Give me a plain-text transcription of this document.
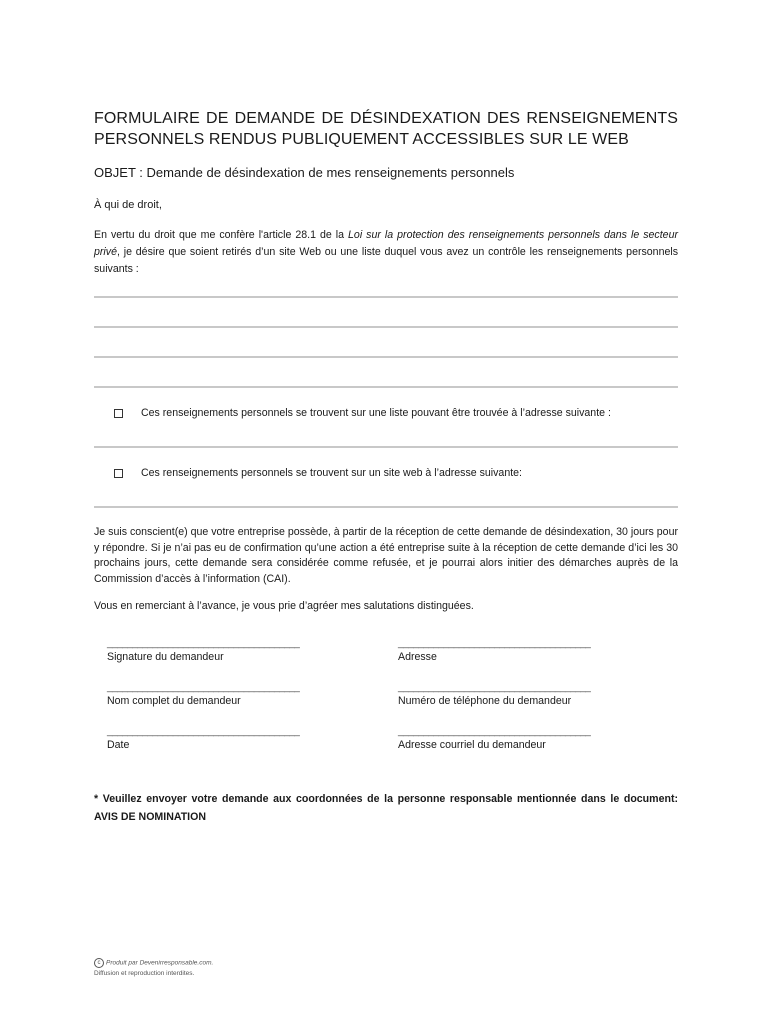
FORMULAIRE DE DEMANDE DE DÉSINDEXATION DES RENSEIGNEMENTS
PERSONNELS RENDUS PUBLIQUEMENT ACCESSIBLES SUR LE WEB
OBJET : Demande de désindexation de mes renseignements personnels
À qui de droit,
En vertu du droit que me confère l'article 28.1 de la Loi sur la protection des renseignements personnels dans le secteur privé, je désire que soient retirés d’un site Web ou une liste duquel vous avez un contrôle les renseignements personnels suivants :
Ces renseignements personnels se trouvent sur une liste pouvant être trouvée à l’adresse suivante :
Ces renseignements personnels se trouvent sur un site web à l’adresse suivante:
Je suis conscient(e) que votre entreprise possède, à partir de la réception de cette demande de désindexation, 30 jours pour y répondre. Si je n’ai pas eu de confirmation qu’une action a été entreprise suite à la réception de cette demande d’ici les 30 prochains jours, cette demande sera considérée comme refusée, et je pourrai alors initier des démarches auprès de la Commission d’accès à l’information (CAI).
Vous en remerciant à l’avance, je vous prie d’agréer mes salutations distinguées.
______________________________________
Signature du demandeur
______________________________________
Adresse
______________________________________
Nom complet du demandeur
______________________________________
Numéro de téléphone du demandeur
______________________________________
Date
______________________________________
Adresse courriel du demandeur
* Veuillez envoyer votre demande aux coordonnées de la personne responsable mentionnée dans le document: AVIS DE NOMINATION
c Produit par Devenirresponsable.com.
Diffusion et reproduction interdites.
